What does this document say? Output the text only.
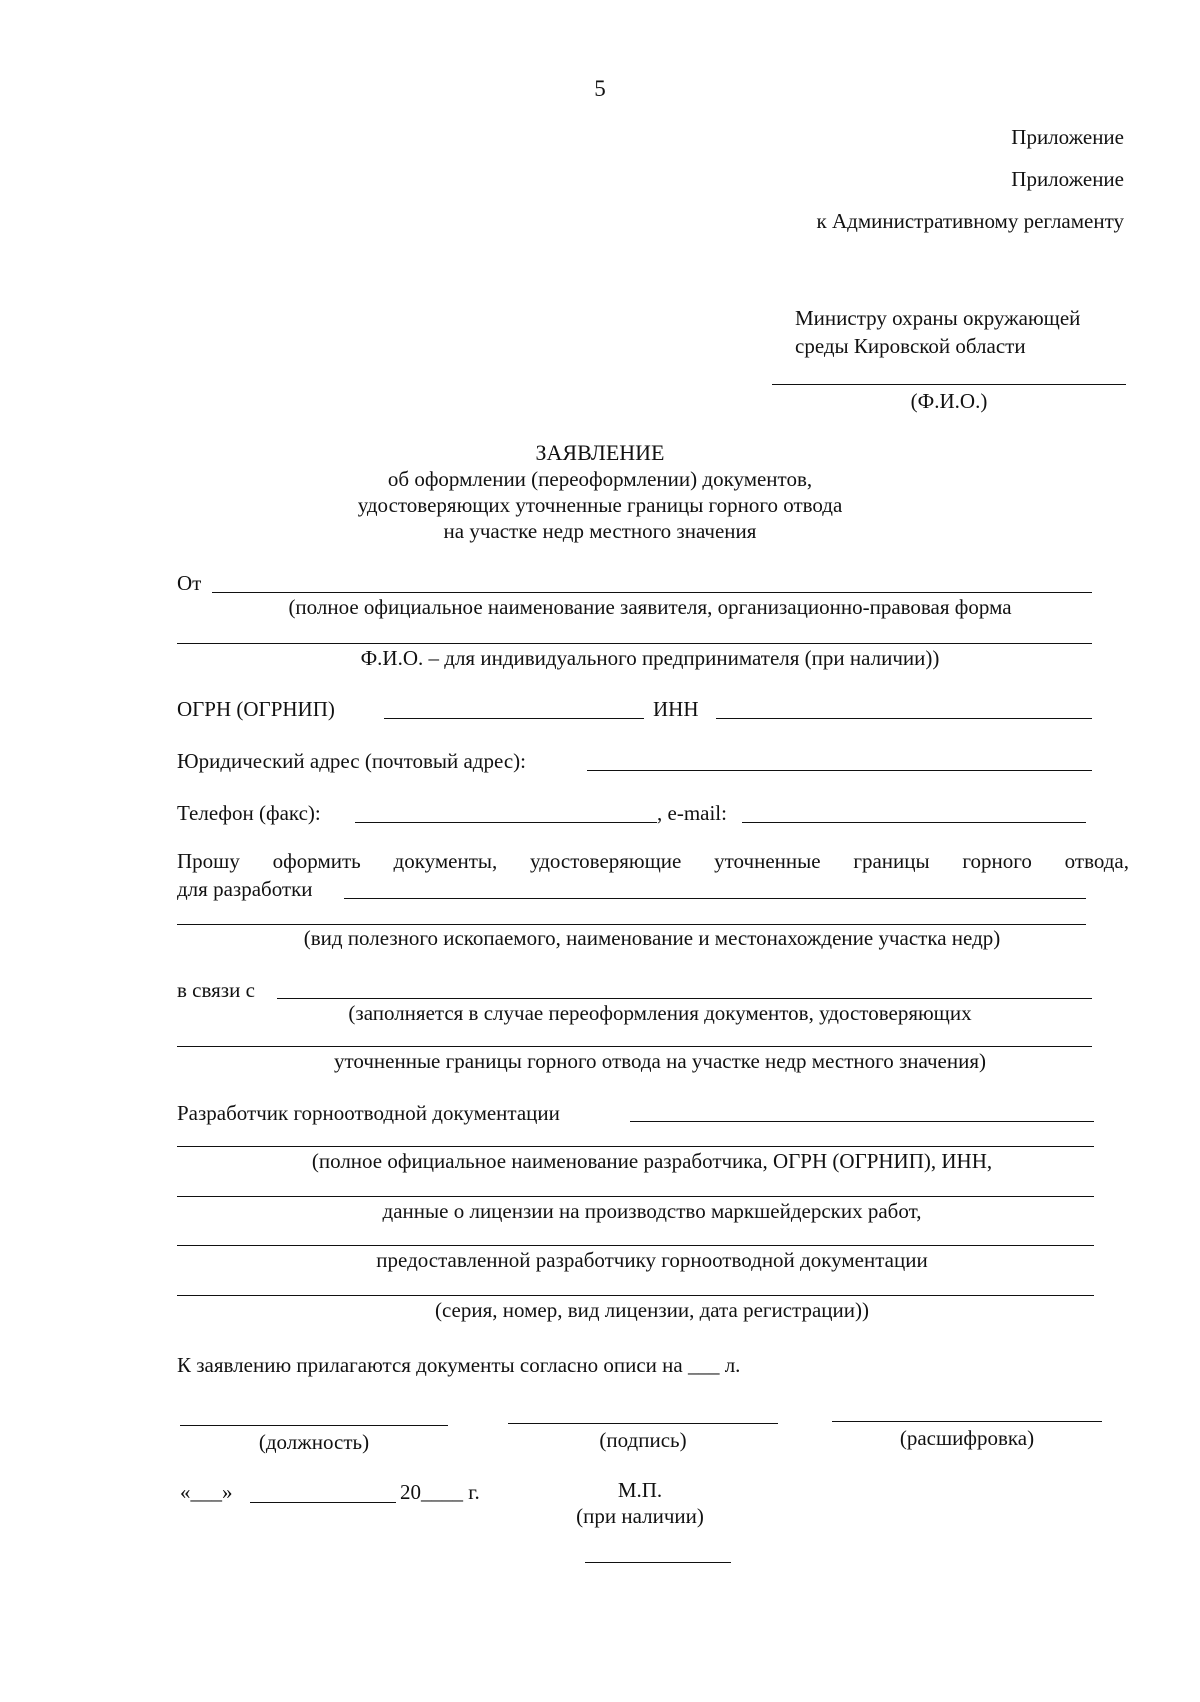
5
Приложение
Приложение
к Административному регламенту
Министру охраны окружающей
среды Кировской области
(Ф.И.О.)
ЗАЯВЛЕНИЕ
об оформлении (переоформлении) документов,
удостоверяющих уточненные границы горного отвода
на участке недр местного значения
От
(полное официальное наименование заявителя, организационно-правовая форма
Ф.И.О. – для индивидуального предпринимателя (при наличии))
ОГРН (ОГРНИП)	ИНН
Юридический адрес (почтовый адрес):
Телефон (факс):	, e-mail:
Прошу оформить документы, удостоверяющие уточненные границы горного отвода,
для разработки
(вид полезного ископаемого, наименование и местонахождение участка недр)
в связи с
(заполняется в случае переоформления документов, удостоверяющих
уточненные границы горного отвода на участке недр местного значения)
Разработчик горноотводной документации
(полное официальное наименование разработчика, ОГРН (ОГРНИП), ИНН,
данные о лицензии на производство маркшейдерских работ,
предоставленной разработчику горноотводной документации
(серия, номер, вид лицензии, дата регистрации))
К заявлению прилагаются документы согласно описи на ___ л.
(должность)	(подпись)	(расшифровка)
«___»	20____ г.	М.П.
(при наличии)
